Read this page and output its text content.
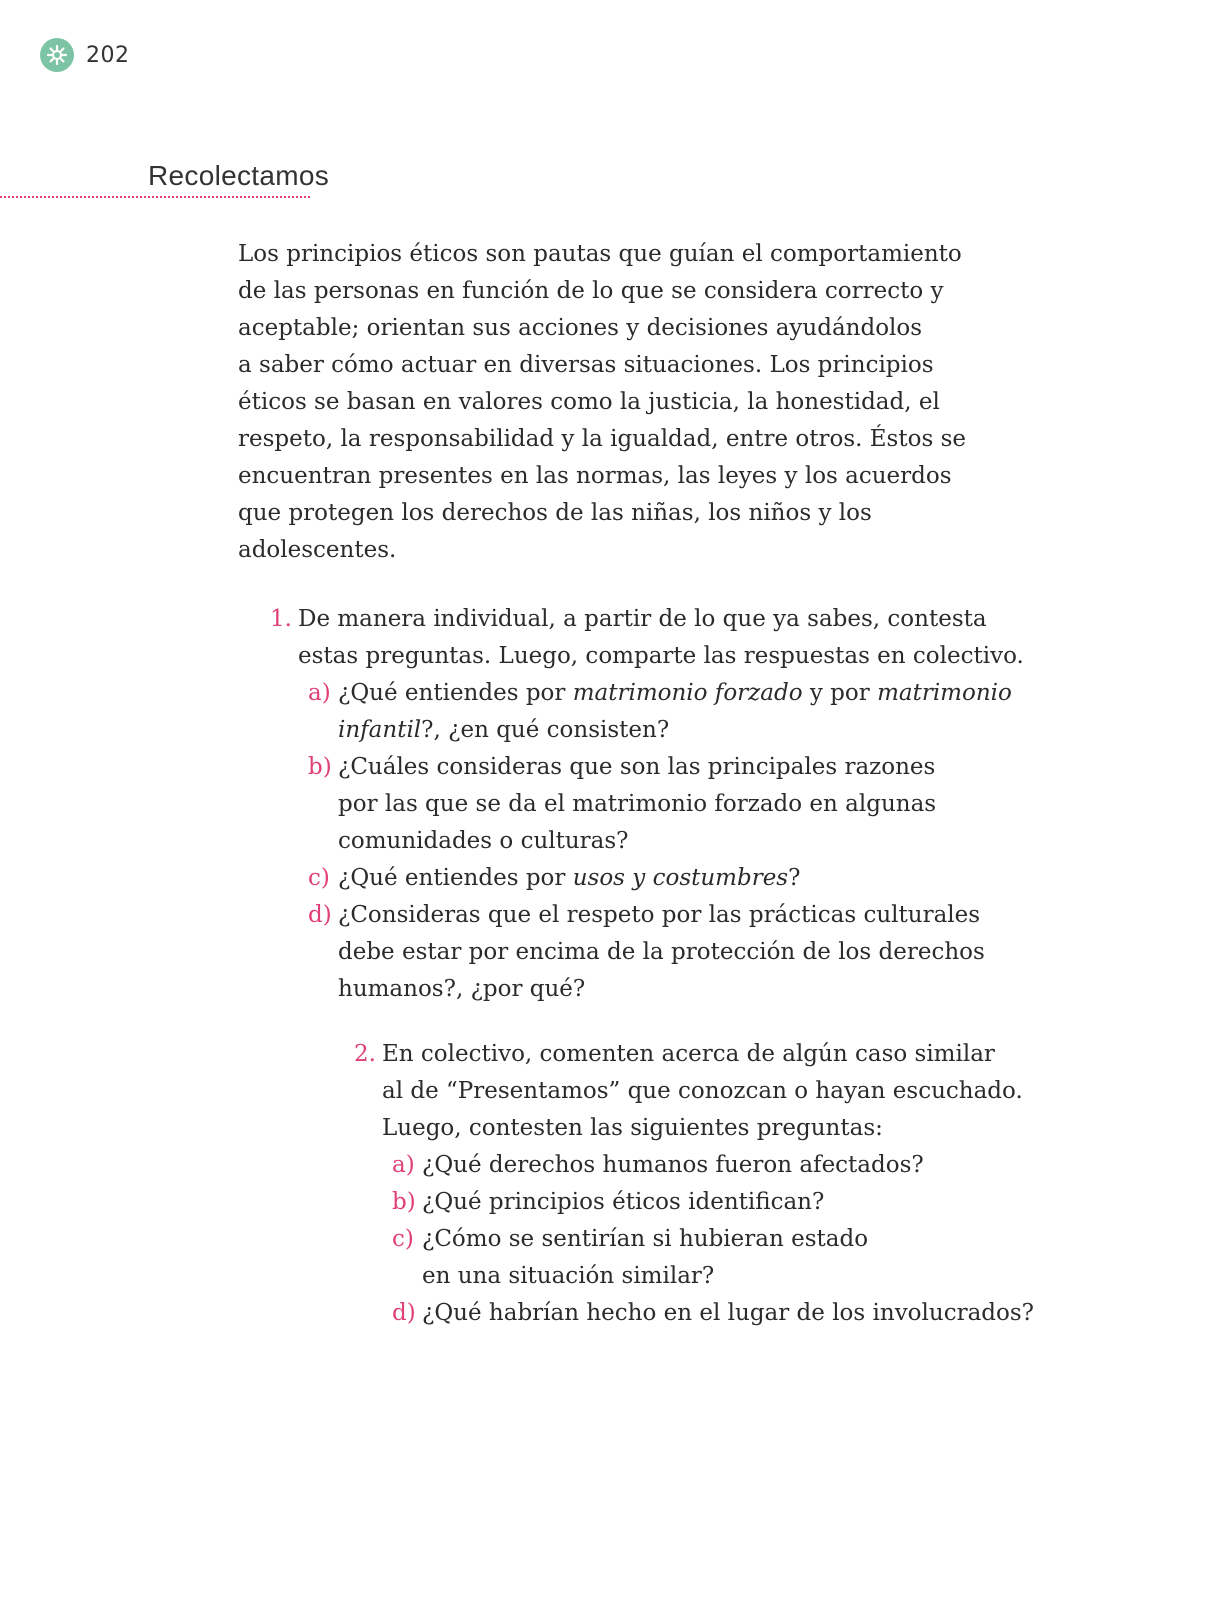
202
Recolectamos

Los principios éticos son pautas que guían el comportamiento
de las personas en función de lo que se considera correcto y
aceptable; orientan sus acciones y decisiones ayudándolos
a saber cómo actuar en diversas situaciones. Los principios
éticos se basan en valores como la justicia, la honestidad, el
respeto, la responsabilidad y la igualdad, entre otros. Éstos se
encuentran presentes en las normas, las leyes y los acuerdos
que protegen los derechos de las niñas, los niños y los
adolescentes.

1. De manera individual, a partir de lo que ya sabes, contesta
estas preguntas. Luego, comparte las respuestas en colectivo.
a) ¿Qué entiendes por matrimonio forzado y por matrimonio
infantil?, ¿en qué consisten?
b) ¿Cuáles consideras que son las principales razones
por las que se da el matrimonio forzado en algunas
comunidades o culturas?
c) ¿Qué entiendes por usos y costumbres?
d) ¿Consideras que el respeto por las prácticas culturales
debe estar por encima de la protección de los derechos
humanos?, ¿por qué?
2. En colectivo, comenten acerca de algún caso similar
al de “Presentamos” que conozcan o hayan escuchado.
Luego, contesten las siguientes preguntas:
a) ¿Qué derechos humanos fueron afectados?
b) ¿Qué principios éticos identifican?
c) ¿Cómo se sentirían si hubieran estado
en una situación similar?
d) ¿Qué habrían hecho en el lugar de los involucrados?
